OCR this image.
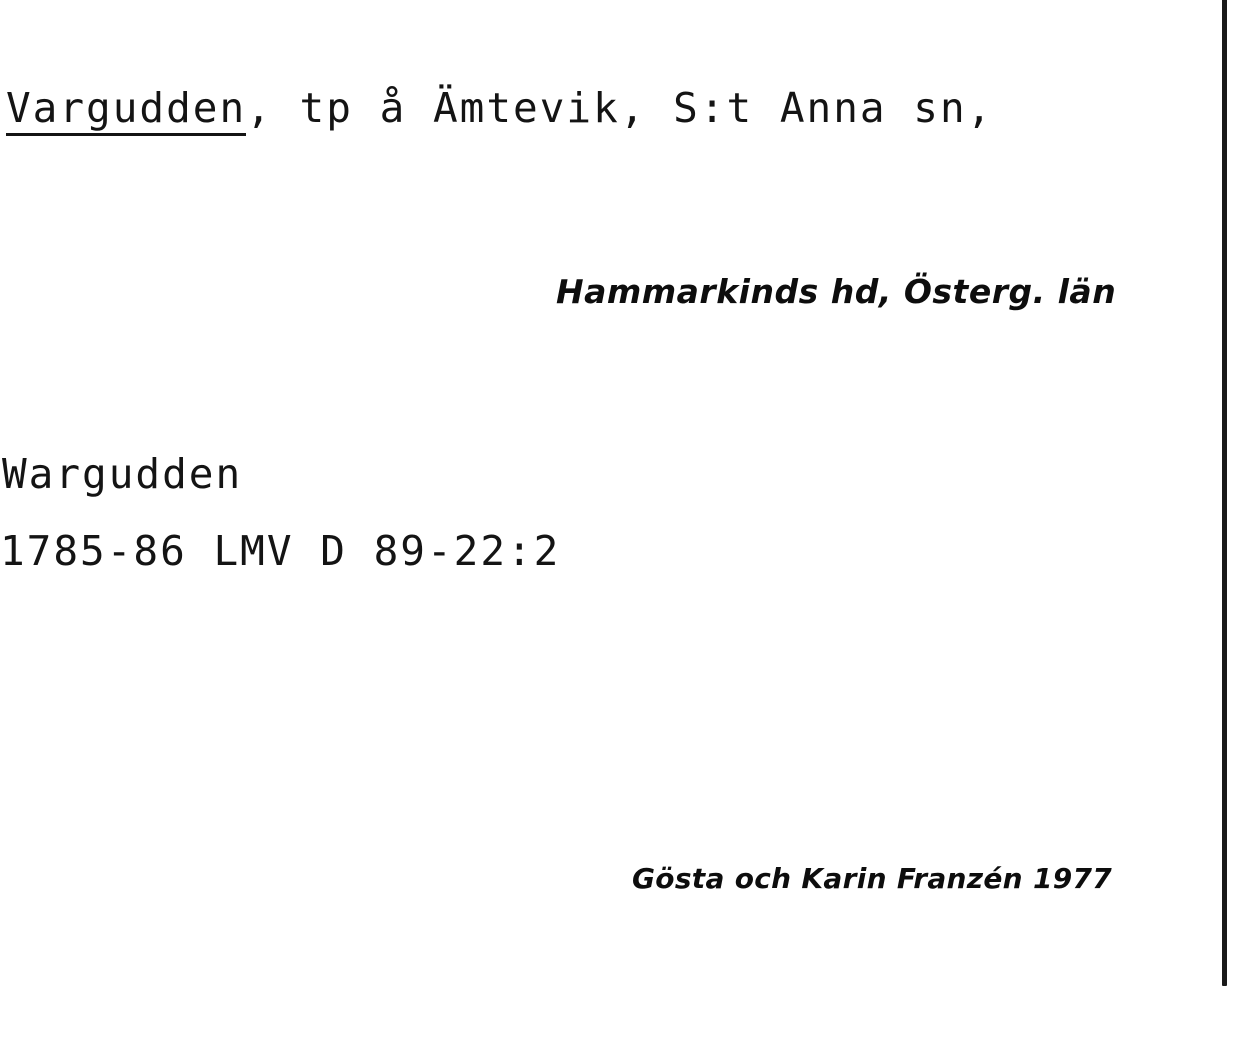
Vargudden, tp å Ämtevik, S:t Anna sn,
Hammarkinds hd, Österg. län
Wargudden
1785-86 LMV D 89-22:2
Gösta och Karin Franzén 1977
